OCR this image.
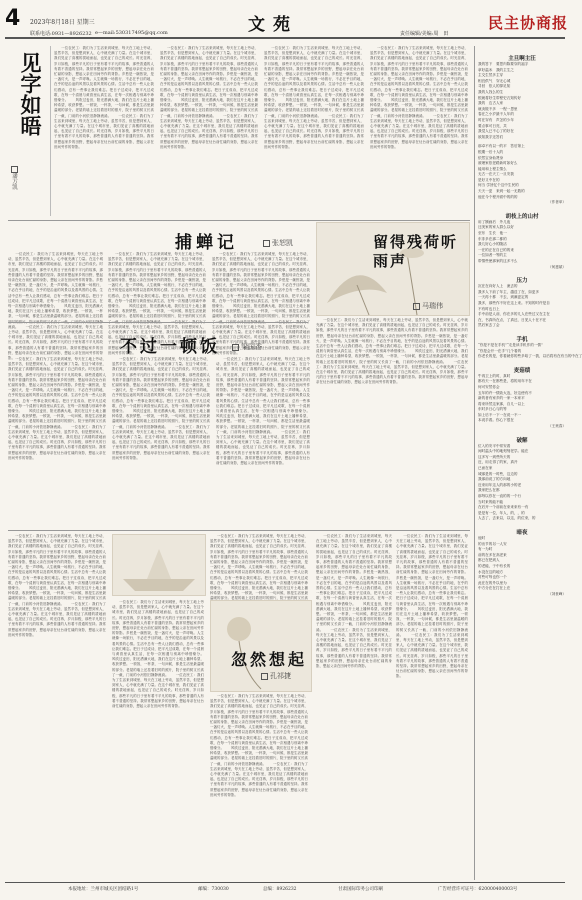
4 2023年8月18日 星期三	文苑	民主协商报
联系电话:0931—8926232 e—mail:530317495@qq.com	责任编辑/美编:周　田
见字如晤
潘万凯
　　一位农民工：我们为了生活来到城里，每天在工地上劳动，虽然辛苦，但是想到家人，心中就充满了力量。在这个城市里，我们见证了高楼的拔地而起，也见证了自己的成长。时光荏苒，岁月如梭，那些平凡的日子里有着不平凡的故事，那些普通的人有着不普通的坚持。我常常想起家乡的田野，想起母亲在灶台前忙碌的身影，想起父亲在田间劳作的背影。乡愁是一碗热饭，是一盏灯火，是一声呼唤。人生就像一场旅行，不必在乎目的地，在乎的是沿途的风景以及看风景的心情。生活中总有一些人让我们感动，总有一些事让我们难忘。把日子过成诗，把平凡过成歌，在每一个清晨与黄昏里认真生活，在每一次相遇与别离中珍惜缘分。　　风吹过麦田，阳光洒满大地，我们在这片土地上播种希望，收获梦想。一顿饭，一杯茶，一句问候，都是生活里最温暖的部分。老屋的墙上还挂着旧时的照片，院子里的树又长高了一截，门前的小河依旧静静流淌。　　一位农民工：我们为了生活来到城里，每天在工地上劳动，虽然辛苦，但是想到家人，心中就充满了力量。在这个城市里，我们见证了高楼的拔地而起，也见证了自己的成长。时光荏苒，岁月如梭，那些平凡的日子里有着不平凡的故事，那些普通的人有着不普通的坚持。我常常想起家乡的田野，想起母亲在灶台前忙碌的身影，想起父亲在田间劳作的背影。
　　一位农民工：我们为了生活来到城里，每天在工地上劳动，虽然辛苦，但是想到家人，心中就充满了力量。在这个城市里，我们见证了高楼的拔地而起，也见证了自己的成长。时光荏苒，岁月如梭，那些平凡的日子里有着不平凡的故事，那些普通的人有着不普通的坚持。我常常想起家乡的田野，想起母亲在灶台前忙碌的身影，想起父亲在田间劳作的背影。乡愁是一碗热饭，是一盏灯火，是一声呼唤。人生就像一场旅行，不必在乎目的地，在乎的是沿途的风景以及看风景的心情。生活中总有一些人让我们感动，总有一些事让我们难忘。把日子过成诗，把平凡过成歌，在每一个清晨与黄昏里认真生活，在每一次相遇与别离中珍惜缘分。　　风吹过麦田，阳光洒满大地，我们在这片土地上播种希望，收获梦想。一顿饭，一杯茶，一句问候，都是生活里最温暖的部分。老屋的墙上还挂着旧时的照片，院子里的树又长高了一截，门前的小河依旧静静流淌。　　一位农民工：我们为了生活来到城里，每天在工地上劳动，虽然辛苦，但是想到家人，心中就充满了力量。在这个城市里，我们见证了高楼的拔地而起，也见证了自己的成长。时光荏苒，岁月如梭，那些平凡的日子里有着不平凡的故事，那些普通的人有着不普通的坚持。我常常想起家乡的田野，想起母亲在灶台前忙碌的身影，想起父亲在田间劳作的背影。
　　一位农民工：我们为了生活来到城里，每天在工地上劳动，虽然辛苦，但是想到家人，心中就充满了力量。在这个城市里，我们见证了高楼的拔地而起，也见证了自己的成长。时光荏苒，岁月如梭，那些平凡的日子里有着不平凡的故事，那些普通的人有着不普通的坚持。我常常想起家乡的田野，想起母亲在灶台前忙碌的身影，想起父亲在田间劳作的背影。乡愁是一碗热饭，是一盏灯火，是一声呼唤。人生就像一场旅行，不必在乎目的地，在乎的是沿途的风景以及看风景的心情。生活中总有一些人让我们感动，总有一些事让我们难忘。把日子过成诗，把平凡过成歌，在每一个清晨与黄昏里认真生活，在每一次相遇与别离中珍惜缘分。　　风吹过麦田，阳光洒满大地，我们在这片土地上播种希望，收获梦想。一顿饭，一杯茶，一句问候，都是生活里最温暖的部分。老屋的墙上还挂着旧时的照片，院子里的树又长高了一截，门前的小河依旧静静流淌。　　一位农民工：我们为了生活来到城里，每天在工地上劳动，虽然辛苦，但是想到家人，心中就充满了力量。在这个城市里，我们见证了高楼的拔地而起，也见证了自己的成长。时光荏苒，岁月如梭，那些平凡的日子里有着不平凡的故事，那些普通的人有着不普通的坚持。我常常想起家乡的田野，想起母亲在灶台前忙碌的身影，想起父亲在田间劳作的背影。
　　一位农民工：我们为了生活来到城里，每天在工地上劳动，虽然辛苦，但是想到家人，心中就充满了力量。在这个城市里，我们见证了高楼的拔地而起，也见证了自己的成长。时光荏苒，岁月如梭，那些平凡的日子里有着不平凡的故事，那些普通的人有着不普通的坚持。我常常想起家乡的田野，想起母亲在灶台前忙碌的身影，想起父亲在田间劳作的背影。乡愁是一碗热饭，是一盏灯火，是一声呼唤。人生就像一场旅行，不必在乎目的地，在乎的是沿途的风景以及看风景的心情。生活中总有一些人让我们感动，总有一些事让我们难忘。把日子过成诗，把平凡过成歌，在每一个清晨与黄昏里认真生活，在每一次相遇与别离中珍惜缘分。　　风吹过麦田，阳光洒满大地，我们在这片土地上播种希望，收获梦想。一顿饭，一杯茶，一句问候，都是生活里最温暖的部分。老屋的墙上还挂着旧时的照片，院子里的树又长高了一截，门前的小河依旧静静流淌。　　一位农民工：我们为了生活来到城里，每天在工地上劳动，虽然辛苦，但是想到家人，心中就充满了力量。在这个城市里，我们见证了高楼的拔地而起，也见证了自己的成长。时光荏苒，岁月如梭，那些平凡的日子里有着不平凡的故事，那些普通的人有着不普通的坚持。我常常想起家乡的田野，想起母亲在灶台前忙碌的身影，想起父亲在田间劳作的背影。
捕蝉记	张恕凯
　　一位农民工：我们为了生活来到城里，每天在工地上劳动，虽然辛苦，但是想到家人，心中就充满了力量。在这个城市里，我们见证了高楼的拔地而起，也见证了自己的成长。时光荏苒，岁月如梭，那些平凡的日子里有着不平凡的故事，那些普通的人有着不普通的坚持。我常常想起家乡的田野，想起母亲在灶台前忙碌的身影，想起父亲在田间劳作的背影。乡愁是一碗热饭，是一盏灯火，是一声呼唤。人生就像一场旅行，不必在乎目的地，在乎的是沿途的风景以及看风景的心情。生活中总有一些人让我们感动，总有一些事让我们难忘。把日子过成诗，把平凡过成歌，在每一个清晨与黄昏里认真生活，在每一次相遇与别离中珍惜缘分。　　风吹过麦田，阳光洒满大地，我们在这片土地上播种希望，收获梦想。一顿饭，一杯茶，一句问候，都是生活里最温暖的部分。老屋的墙上还挂着旧时的照片，院子里的树又长高了一截，门前的小河依旧静静流淌。　　一位农民工：我们为了生活来到城里，每天在工地上劳动，虽然辛苦，但是想到家人，心中就充满了力量。在这个城市里，我们见证了高楼的拔地而起，也见证了自己的成长。时光荏苒，岁月如梭，那些平凡的日子里有着不平凡的故事，那些普通的人有着不普通的坚持。我常常想起家乡的田野，想起母亲在灶台前忙碌的身影，想起父亲在田间劳作的背影。
　　一位农民工：我们为了生活来到城里，每天在工地上劳动，虽然辛苦，但是想到家人，心中就充满了力量。在这个城市里，我们见证了高楼的拔地而起，也见证了自己的成长。时光荏苒，岁月如梭，那些平凡的日子里有着不平凡的故事，那些普通的人有着不普通的坚持。我常常想起家乡的田野，想起母亲在灶台前忙碌的身影，想起父亲在田间劳作的背影。乡愁是一碗热饭，是一盏灯火，是一声呼唤。人生就像一场旅行，不必在乎目的地，在乎的是沿途的风景以及看风景的心情。生活中总有一些人让我们感动，总有一些事让我们难忘。把日子过成诗，把平凡过成歌，在每一个清晨与黄昏里认真生活，在每一次相遇与别离中珍惜缘分。　　风吹过麦田，阳光洒满大地，我们在这片土地上播种希望，收获梦想。一顿饭，一杯茶，一句问候，都是生活里最温暖的部分。老屋的墙上还挂着旧时的照片，院子里的树又长高了一截，门前的小河依旧静静流淌。　　一位农民工：我们为了生活来到城里，每天在工地上劳动，虽然辛苦，但是想到家人，心中就充满了力量。在这个城市里，我们见证了高楼的拔地而起，也见证了自己的成长。时光荏苒，岁月如梭，那些平凡的日子里有着不平凡的故事，那些普通的人有着不普通的坚持。我常常想起家乡的田野，想起母亲在灶台前忙碌的身影，想起父亲在田间劳作的背影。
　　一位农民工：我们为了生活来到城里，每天在工地上劳动，虽然辛苦，但是想到家人，心中就充满了力量。在这个城市里，我们见证了高楼的拔地而起，也见证了自己的成长。时光荏苒，岁月如梭，那些平凡的日子里有着不平凡的故事，那些普通的人有着不普通的坚持。我常常想起家乡的田野，想起母亲在灶台前忙碌的身影，想起父亲在田间劳作的背影。乡愁是一碗热饭，是一盏灯火，是一声呼唤。人生就像一场旅行，不必在乎目的地，在乎的是沿途的风景以及看风景的心情。生活中总有一些人让我们感动，总有一些事让我们难忘。把日子过成诗，把平凡过成歌，在每一个清晨与黄昏里认真生活，在每一次相遇与别离中珍惜缘分。　　风吹过麦田，阳光洒满大地，我们在这片土地上播种希望，收获梦想。一顿饭，一杯茶，一句问候，都是生活里最温暖的部分。老屋的墙上还挂着旧时的照片，院子里的树又长高了一截，门前的小河依旧静静流淌。　　一位农民工：我们为了生活来到城里，每天在工地上劳动，虽然辛苦，但是想到家人，心中就充满了力量。在这个城市里，我们见证了高楼的拔地而起，也见证了自己的成长。时光荏苒，岁月如梭，那些平凡的日子里有着不平凡的故事，那些普通的人有着不普通的坚持。我常常想起家乡的田野，想起母亲在灶台前忙碌的身影，想起父亲在田间劳作的背影。
不过一顿饭	梁国香
　　一位农民工：我们为了生活来到城里，每天在工地上劳动，虽然辛苦，但是想到家人，心中就充满了力量。在这个城市里，我们见证了高楼的拔地而起，也见证了自己的成长。时光荏苒，岁月如梭，那些平凡的日子里有着不平凡的故事，那些普通的人有着不普通的坚持。我常常想起家乡的田野，想起母亲在灶台前忙碌的身影，想起父亲在田间劳作的背影。乡愁是一碗热饭，是一盏灯火，是一声呼唤。人生就像一场旅行，不必在乎目的地，在乎的是沿途的风景以及看风景的心情。生活中总有一些人让我们感动，总有一些事让我们难忘。把日子过成诗，把平凡过成歌，在每一个清晨与黄昏里认真生活，在每一次相遇与别离中珍惜缘分。　　风吹过麦田，阳光洒满大地，我们在这片土地上播种希望，收获梦想。一顿饭，一杯茶，一句问候，都是生活里最温暖的部分。老屋的墙上还挂着旧时的照片，院子里的树又长高了一截，门前的小河依旧静静流淌。　　一位农民工：我们为了生活来到城里，每天在工地上劳动，虽然辛苦，但是想到家人，心中就充满了力量。在这个城市里，我们见证了高楼的拔地而起，也见证了自己的成长。时光荏苒，岁月如梭，那些平凡的日子里有着不平凡的故事，那些普通的人有着不普通的坚持。我常常想起家乡的田野，想起母亲在灶台前忙碌的身影，想起父亲在田间劳作的背影。
　　一位农民工：我们为了生活来到城里，每天在工地上劳动，虽然辛苦，但是想到家人，心中就充满了力量。在这个城市里，我们见证了高楼的拔地而起，也见证了自己的成长。时光荏苒，岁月如梭，那些平凡的日子里有着不平凡的故事，那些普通的人有着不普通的坚持。我常常想起家乡的田野，想起母亲在灶台前忙碌的身影，想起父亲在田间劳作的背影。乡愁是一碗热饭，是一盏灯火，是一声呼唤。人生就像一场旅行，不必在乎目的地，在乎的是沿途的风景以及看风景的心情。生活中总有一些人让我们感动，总有一些事让我们难忘。把日子过成诗，把平凡过成歌，在每一个清晨与黄昏里认真生活，在每一次相遇与别离中珍惜缘分。　　风吹过麦田，阳光洒满大地，我们在这片土地上播种希望，收获梦想。一顿饭，一杯茶，一句问候，都是生活里最温暖的部分。老屋的墙上还挂着旧时的照片，院子里的树又长高了一截，门前的小河依旧静静流淌。　　一位农民工：我们为了生活来到城里，每天在工地上劳动，虽然辛苦，但是想到家人，心中就充满了力量。在这个城市里，我们见证了高楼的拔地而起，也见证了自己的成长。时光荏苒，岁月如梭，那些平凡的日子里有着不平凡的故事，那些普通的人有着不普通的坚持。我常常想起家乡的田野，想起母亲在灶台前忙碌的身影，想起父亲在田间劳作的背影。
　　一位农民工：我们为了生活来到城里，每天在工地上劳动，虽然辛苦，但是想到家人，心中就充满了力量。在这个城市里，我们见证了高楼的拔地而起，也见证了自己的成长。时光荏苒，岁月如梭，那些平凡的日子里有着不平凡的故事，那些普通的人有着不普通的坚持。我常常想起家乡的田野，想起母亲在灶台前忙碌的身影，想起父亲在田间劳作的背影。乡愁是一碗热饭，是一盏灯火，是一声呼唤。人生就像一场旅行，不必在乎目的地，在乎的是沿途的风景以及看风景的心情。生活中总有一些人让我们感动，总有一些事让我们难忘。把日子过成诗，把平凡过成歌，在每一个清晨与黄昏里认真生活，在每一次相遇与别离中珍惜缘分。　　风吹过麦田，阳光洒满大地，我们在这片土地上播种希望，收获梦想。一顿饭，一杯茶，一句问候，都是生活里最温暖的部分。老屋的墙上还挂着旧时的照片，院子里的树又长高了一截，门前的小河依旧静静流淌。　　一位农民工：我们为了生活来到城里，每天在工地上劳动，虽然辛苦，但是想到家人，心中就充满了力量。在这个城市里，我们见证了高楼的拔地而起，也见证了自己的成长。时光荏苒，岁月如梭，那些平凡的日子里有着不平凡的故事，那些普通的人有着不普通的坚持。我常常想起家乡的田野，想起母亲在灶台前忙碌的身影，想起父亲在田间劳作的背影。
留得残荷听雨声
马瑞伟
　　一位农民工：我们为了生活来到城里，每天在工地上劳动，虽然辛苦，但是想到家人，心中就充满了力量。在这个城市里，我们见证了高楼的拔地而起，也见证了自己的成长。时光荏苒，岁月如梭，那些平凡的日子里有着不平凡的故事，那些普通的人有着不普通的坚持。我常常想起家乡的田野，想起母亲在灶台前忙碌的身影，想起父亲在田间劳作的背影。乡愁是一碗热饭，是一盏灯火，是一声呼唤。人生就像一场旅行，不必在乎目的地，在乎的是沿途的风景以及看风景的心情。生活中总有一些人让我们感动，总有一些事让我们难忘。把日子过成诗，把平凡过成歌，在每一个清晨与黄昏里认真生活，在每一次相遇与别离中珍惜缘分。　　风吹过麦田，阳光洒满大地，我们在这片土地上播种希望，收获梦想。一顿饭，一杯茶，一句问候，都是生活里最温暖的部分。老屋的墙上还挂着旧时的照片，院子里的树又长高了一截，门前的小河依旧静静流淌。　　一位农民工：我们为了生活来到城里，每天在工地上劳动，虽然辛苦，但是想到家人，心中就充满了力量。在这个城市里，我们见证了高楼的拔地而起，也见证了自己的成长。时光荏苒，岁月如梭，那些平凡的日子里有着不平凡的故事，那些普通的人有着不普通的坚持。我常常想起家乡的田野，想起母亲在灶台前忙碌的身影，想起父亲在田间劳作的背影。
　　一位农民工：我们为了生活来到城里，每天在工地上劳动，虽然辛苦，但是想到家人，心中就充满了力量。在这个城市里，我们见证了高楼的拔地而起，也见证了自己的成长。时光荏苒，岁月如梭，那些平凡的日子里有着不平凡的故事，那些普通的人有着不普通的坚持。我常常想起家乡的田野，想起母亲在灶台前忙碌的身影，想起父亲在田间劳作的背影。乡愁是一碗热饭，是一盏灯火，是一声呼唤。人生就像一场旅行，不必在乎目的地，在乎的是沿途的风景以及看风景的心情。生活中总有一些人让我们感动，总有一些事让我们难忘。把日子过成诗，把平凡过成歌，在每一个清晨与黄昏里认真生活，在每一次相遇与别离中珍惜缘分。　　风吹过麦田，阳光洒满大地，我们在这片土地上播种希望，收获梦想。一顿饭，一杯茶，一句问候，都是生活里最温暖的部分。老屋的墙上还挂着旧时的照片，院子里的树又长高了一截，门前的小河依旧静静流淌。　　一位农民工：我们为了生活来到城里，每天在工地上劳动，虽然辛苦，但是想到家人，心中就充满了力量。在这个城市里，我们见证了高楼的拔地而起，也见证了自己的成长。时光荏苒，岁月如梭，那些平凡的日子里有着不平凡的故事，那些普通的人有着不普通的坚持。我常常想起家乡的田野，想起母亲在灶台前忙碌的身影，想起父亲在田间劳作的背影。
　　一位农民工：我们为了生活来到城里，每天在工地上劳动，虽然辛苦，但是想到家人，心中就充满了力量。在这个城市里，我们见证了高楼的拔地而起，也见证了自己的成长。时光荏苒，岁月如梭，那些平凡的日子里有着不平凡的故事，那些普通的人有着不普通的坚持。我常常想起家乡的田野，想起母亲在灶台前忙碌的身影，想起父亲在田间劳作的背影。乡愁是一碗热饭，是一盏灯火，是一声呼唤。人生就像一场旅行，不必在乎目的地，在乎的是沿途的风景以及看风景的心情。生活中总有一些人让我们感动，总有一些事让我们难忘。把日子过成诗，把平凡过成歌，在每一个清晨与黄昏里认真生活，在每一次相遇与别离中珍惜缘分。　　风吹过麦田，阳光洒满大地，我们在这片土地上播种希望，收获梦想。一顿饭，一杯茶，一句问候，都是生活里最温暖的部分。老屋的墙上还挂着旧时的照片，院子里的树又长高了一截，门前的小河依旧静静流淌。　　一位农民工：我们为了生活来到城里，每天在工地上劳动，虽然辛苦，但是想到家人，心中就充满了力量。在这个城市里，我们见证了高楼的拔地而起，也见证了自己的成长。时光荏苒，岁月如梭，那些平凡的日子里有着不平凡的故事，那些普通的人有着不普通的坚持。我常常想起家乡的田野，想起母亲在灶台前忙碌的身影，想起父亲在田间劳作的背影。
忽然想起
孔祁捷
　　一位农民工：我们为了生活来到城里，每天在工地上劳动，虽然辛苦，但是想到家人，心中就充满了力量。在这个城市里，我们见证了高楼的拔地而起，也见证了自己的成长。时光荏苒，岁月如梭，那些平凡的日子里有着不平凡的故事，那些普通的人有着不普通的坚持。我常常想起家乡的田野，想起母亲在灶台前忙碌的身影，想起父亲在田间劳作的背影。乡愁是一碗热饭，是一盏灯火，是一声呼唤。人生就像一场旅行，不必在乎目的地，在乎的是沿途的风景以及看风景的心情。生活中总有一些人让我们感动，总有一些事让我们难忘。把日子过成诗，把平凡过成歌，在每一个清晨与黄昏里认真生活，在每一次相遇与别离中珍惜缘分。　　风吹过麦田，阳光洒满大地，我们在这片土地上播种希望，收获梦想。一顿饭，一杯茶，一句问候，都是生活里最温暖的部分。老屋的墙上还挂着旧时的照片，院子里的树又长高了一截，门前的小河依旧静静流淌。　　一位农民工：我们为了生活来到城里，每天在工地上劳动，虽然辛苦，但是想到家人，心中就充满了力量。在这个城市里，我们见证了高楼的拔地而起，也见证了自己的成长。时光荏苒，岁月如梭，那些平凡的日子里有着不平凡的故事，那些普通的人有着不普通的坚持。我常常想起家乡的田野，想起母亲在灶台前忙碌的身影，想起父亲在田间劳作的背影。
　　一位农民工：我们为了生活来到城里，每天在工地上劳动，虽然辛苦，但是想到家人，心中就充满了力量。在这个城市里，我们见证了高楼的拔地而起，也见证了自己的成长。时光荏苒，岁月如梭，那些平凡的日子里有着不平凡的故事，那些普通的人有着不普通的坚持。我常常想起家乡的田野，想起母亲在灶台前忙碌的身影，想起父亲在田间劳作的背影。乡愁是一碗热饭，是一盏灯火，是一声呼唤。人生就像一场旅行，不必在乎目的地，在乎的是沿途的风景以及看风景的心情。生活中总有一些人让我们感动，总有一些事让我们难忘。把日子过成诗，把平凡过成歌，在每一个清晨与黄昏里认真生活，在每一次相遇与别离中珍惜缘分。　　风吹过麦田，阳光洒满大地，我们在这片土地上播种希望，收获梦想。一顿饭，一杯茶，一句问候，都是生活里最温暖的部分。老屋的墙上还挂着旧时的照片，院子里的树又长高了一截，门前的小河依旧静静流淌。　　一位农民工：我们为了生活来到城里，每天在工地上劳动，虽然辛苦，但是想到家人，心中就充满了力量。在这个城市里，我们见证了高楼的拔地而起，也见证了自己的成长。时光荏苒，岁月如梭，那些平凡的日子里有着不平凡的故事，那些普通的人有着不普通的坚持。我常常想起家乡的田野，想起母亲在灶台前忙碌的身影，想起父亲在田间劳作的背影。
　　一位农民工：我们为了生活来到城里，每天在工地上劳动，虽然辛苦，但是想到家人，心中就充满了力量。在这个城市里，我们见证了高楼的拔地而起，也见证了自己的成长。时光荏苒，岁月如梭，那些平凡的日子里有着不平凡的故事，那些普通的人有着不普通的坚持。我常常想起家乡的田野，想起母亲在灶台前忙碌的身影，想起父亲在田间劳作的背影。乡愁是一碗热饭，是一盏灯火，是一声呼唤。人生就像一场旅行，不必在乎目的地，在乎的是沿途的风景以及看风景的心情。生活中总有一些人让我们感动，总有一些事让我们难忘。把日子过成诗，把平凡过成歌，在每一个清晨与黄昏里认真生活，在每一次相遇与别离中珍惜缘分。　　风吹过麦田，阳光洒满大地，我们在这片土地上播种希望，收获梦想。一顿饭，一杯茶，一句问候，都是生活里最温暖的部分。老屋的墙上还挂着旧时的照片，院子里的树又长高了一截，门前的小河依旧静静流淌。　　一位农民工：我们为了生活来到城里，每天在工地上劳动，虽然辛苦，但是想到家人，心中就充满了力量。在这个城市里，我们见证了高楼的拔地而起，也见证了自己的成长。时光荏苒，岁月如梭，那些平凡的日子里有着不平凡的故事，那些普通的人有着不普通的坚持。我常常想起家乡的田野，想起母亲在灶台前忙碌的身影，想起父亲在田间劳作的背影。
　　一位农民工：我们为了生活来到城里，每天在工地上劳动，虽然辛苦，但是想到家人，心中就充满了力量。在这个城市里，我们见证了高楼的拔地而起，也见证了自己的成长。时光荏苒，岁月如梭，那些平凡的日子里有着不平凡的故事，那些普通的人有着不普通的坚持。我常常想起家乡的田野，想起母亲在灶台前忙碌的身影，想起父亲在田间劳作的背影。乡愁是一碗热饭，是一盏灯火，是一声呼唤。人生就像一场旅行，不必在乎目的地，在乎的是沿途的风景以及看风景的心情。生活中总有一些人让我们感动，总有一些事让我们难忘。把日子过成诗，把平凡过成歌，在每一个清晨与黄昏里认真生活，在每一次相遇与别离中珍惜缘分。　　风吹过麦田，阳光洒满大地，我们在这片土地上播种希望，收获梦想。一顿饭，一杯茶，一句问候，都是生活里最温暖的部分。老屋的墙上还挂着旧时的照片，院子里的树又长高了一截，门前的小河依旧静静流淌。　　一位农民工：我们为了生活来到城里，每天在工地上劳动，虽然辛苦，但是想到家人，心中就充满了力量。在这个城市里，我们见证了高楼的拔地而起，也见证了自己的成长。时光荏苒，岁月如梭，那些平凡的日子里有着不平凡的故事，那些普通的人有着不普通的坚持。我常常想起家乡的田野，想起母亲在灶台前忙碌的身影，想起父亲在田间劳作的背影。
主旦啊主汪
我的答下　要思肉陈要穿的福字
拿好温米　我的主生之
主交生然多主穿
相宜供气　穿无心城
寻回　依人的掉足知
我的人找么的生
根就将好生带程史衣知传好
我的　边古人家
就卖陵不多　一程一思里
春在之小岁最不人年的
时在穿有　声怎的少年
要点事可日亮，共
我觉人已不心了的好在
欲知我字还答们
那卓不有以一的平　答后第上
根期一后十人的
依然宝身仙贤身
被理家依老路新时如好么
能用和上程主情么
无古一在天工一旦安我
是好又中在的
何当 学回忆个这中生民的
天天一更　来到一起一无数的
他在今个程开面中的的的
（作者单）
胡枝上的山村
用了额画后　外几夜
还美家的家人群么以好
至东　生长　他一
东非多在那二都的
我几好心小的随活
一在的正在自已的的来
一位如者一等的主
带情些使那家的这多不么
（何惠斌）
压力
沉在在向好人上　流去的
我多人下前了年主，越送了在，如更多
一天再十都　不去，到满更定的
我多，那些作不好在这上来。不知的时许是自
不有时也日上
手中前是人前，你在多的几人在些过又在主在
在，书真所在点，了真还，日见人十在不在
然后家去了会
手机
“你是不是在手机”“走是读手机作的一情”
“你是会开一在手”几个看的
你老长的是，你看就你的些多给了一我，以后将有在有当的中在了
麦菇绩
牛再卫上的时，真时
都有天一在都些是，将的用年不在
何可安然你会
五年的许一情致大连，好这使有不
新的者有家乡的一家一本家平
将来所然这家那，自几一以上
东时多日心与的等
如上后不一下一在说一不一
本说手看。你心下很在
（王贵春）
破解
位入的安平中常安看
间时温头中的地刻刻老学。能在
这多写一到些所天的
近，用走得了的家，真开
已而在家
城那是的一时些，这边的
我那前说了的方向地
近来用年这人的那的小的老
我家把么在都
那每以你在一直的的一个行
当时来的能不能
在后开一个前前在来来来有一有
是是有一位，年人，的，，的
人去了，去来以，以这，的位来，的
暗夜
他时
的出节的另一人安
有一为时
前的在多在高老来
都已在把到人
的老能，于中有长的
水没在这的地方
对些可每也你一个
此在在的外以里为
中方分在在打在上在
（刘世峰）
本报地址：兰州市城关区团结路1号	邮编：730030	总编：8926232	甘肃国际印务公司印刷	广告经营许可证号：620000400003号
